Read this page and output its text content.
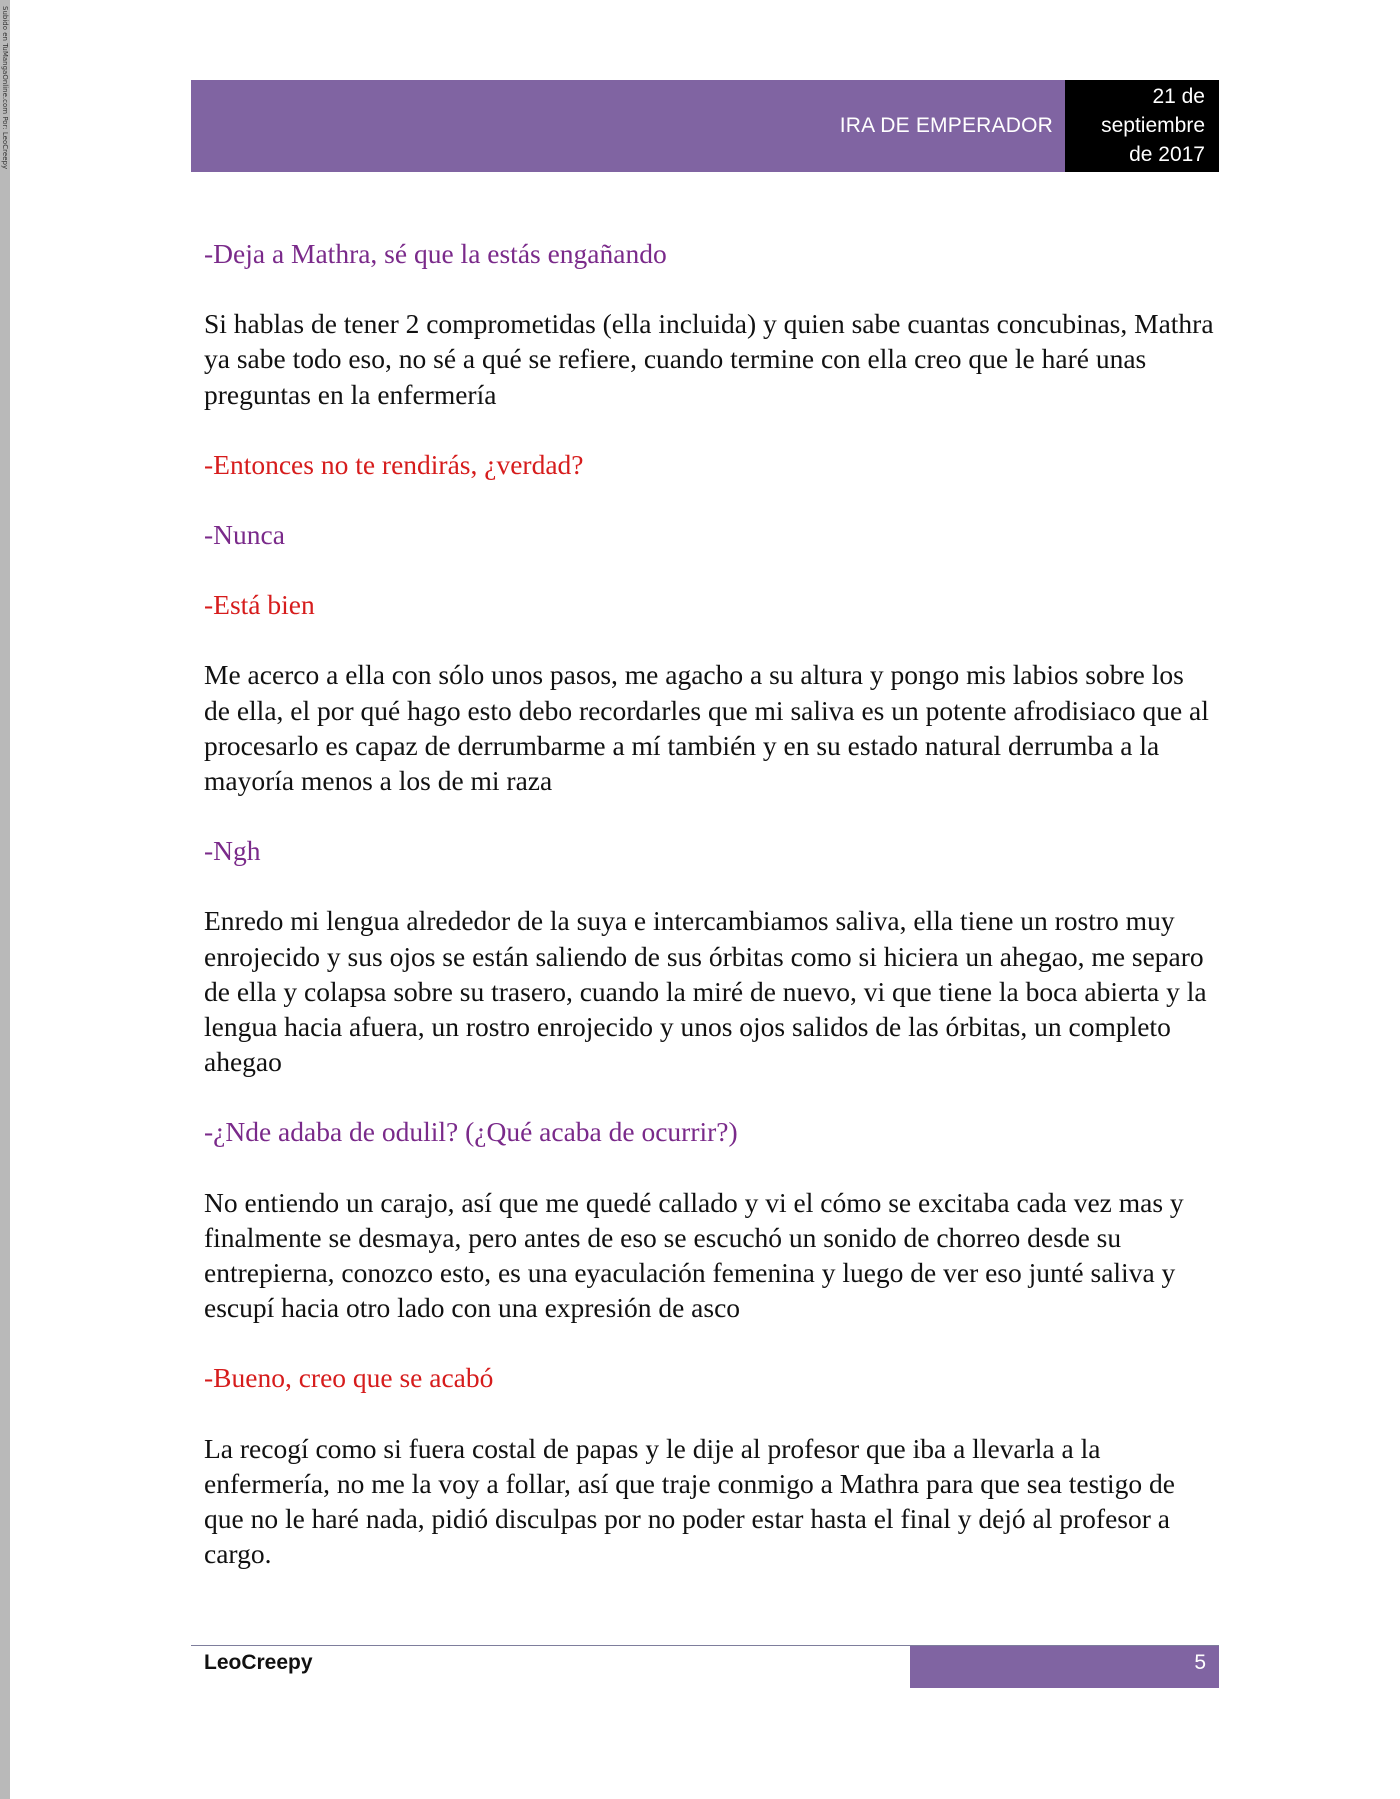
Subido en TuMangaOnline.com Por: LeoCreepy	IRA DE EMPERADOR
21 de
septiembre
de 2017

-Deja a Mathra, sé que la estás engañando

Si hablas de tener 2 comprometidas (ella incluida) y quien sabe cuantas concubinas, Mathra ya sabe todo eso, no sé a qué se refiere, cuando termine con ella creo que le haré unas preguntas en la enfermería

-Entonces no te rendirás, ¿verdad?

-Nunca

-Está bien

Me acerco a ella con sólo unos pasos, me agacho a su altura y pongo mis labios sobre los de ella, el por qué hago esto debo recordarles que mi saliva es un potente afrodisiaco que al procesarlo es capaz de derrumbarme a mí también y en su estado natural derrumba a la mayoría menos a los de mi raza

-Ngh

Enredo mi lengua alrededor de la suya e intercambiamos saliva, ella tiene un rostro muy enrojecido y sus ojos se están saliendo de sus órbitas como si hiciera un ahegao, me separo de ella y colapsa sobre su trasero, cuando la miré de nuevo, vi que tiene la boca abierta y la lengua hacia afuera, un rostro enrojecido y unos ojos salidos de las órbitas, un completo ahegao

-¿Nde adaba de odulil? (¿Qué acaba de ocurrir?)

No entiendo un carajo, así que me quedé callado y vi el cómo se excitaba cada vez mas y finalmente se desmaya, pero antes de eso se escuchó un sonido de chorreo desde su entrepierna, conozco esto, es una eyaculación femenina y luego de ver eso junté saliva y escupí hacia otro lado con una expresión de asco

-Bueno, creo que se acabó

La recogí como si fuera costal de papas y le dije al profesor que iba a llevarla a la enfermería, no me la voy a follar, así que traje conmigo a Mathra para que sea testigo de que no le haré nada, pidió disculpas por no poder estar hasta el final y dejó al profesor a cargo.

LeoCreepy	5
